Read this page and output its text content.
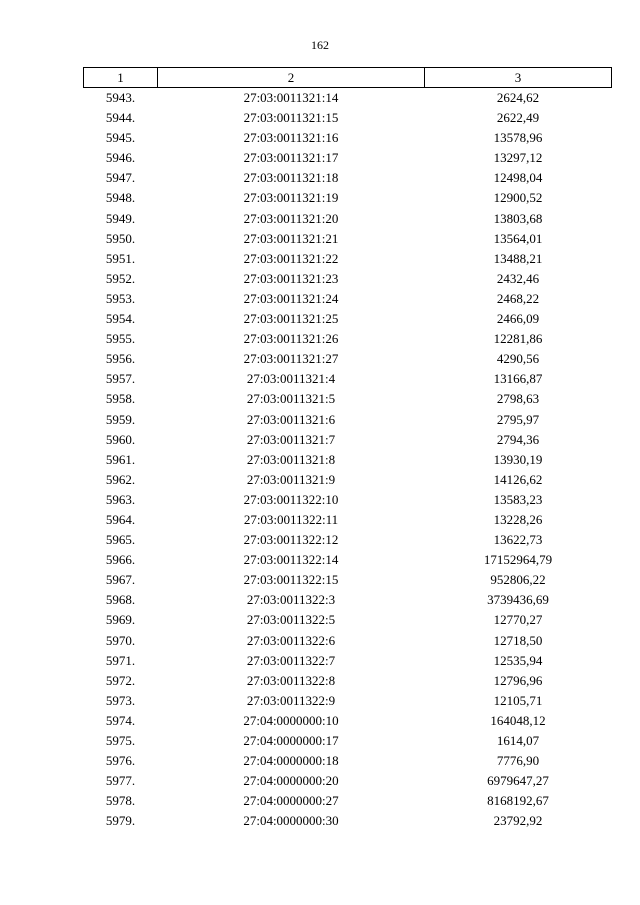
162
1	2	3
5943.	27:03:0011321:14	2624,62
5944.	27:03:0011321:15	2622,49
5945.	27:03:0011321:16	13578,96
5946.	27:03:0011321:17	13297,12
5947.	27:03:0011321:18	12498,04
5948.	27:03:0011321:19	12900,52
5949.	27:03:0011321:20	13803,68
5950.	27:03:0011321:21	13564,01
5951.	27:03:0011321:22	13488,21
5952.	27:03:0011321:23	2432,46
5953.	27:03:0011321:24	2468,22
5954.	27:03:0011321:25	2466,09
5955.	27:03:0011321:26	12281,86
5956.	27:03:0011321:27	4290,56
5957.	27:03:0011321:4	13166,87
5958.	27:03:0011321:5	2798,63
5959.	27:03:0011321:6	2795,97
5960.	27:03:0011321:7	2794,36
5961.	27:03:0011321:8	13930,19
5962.	27:03:0011321:9	14126,62
5963.	27:03:0011322:10	13583,23
5964.	27:03:0011322:11	13228,26
5965.	27:03:0011322:12	13622,73
5966.	27:03:0011322:14	17152964,79
5967.	27:03:0011322:15	952806,22
5968.	27:03:0011322:3	3739436,69
5969.	27:03:0011322:5	12770,27
5970.	27:03:0011322:6	12718,50
5971.	27:03:0011322:7	12535,94
5972.	27:03:0011322:8	12796,96
5973.	27:03:0011322:9	12105,71
5974.	27:04:0000000:10	164048,12
5975.	27:04:0000000:17	1614,07
5976.	27:04:0000000:18	7776,90
5977.	27:04:0000000:20	6979647,27
5978.	27:04:0000000:27	8168192,67
5979.	27:04:0000000:30	23792,92
